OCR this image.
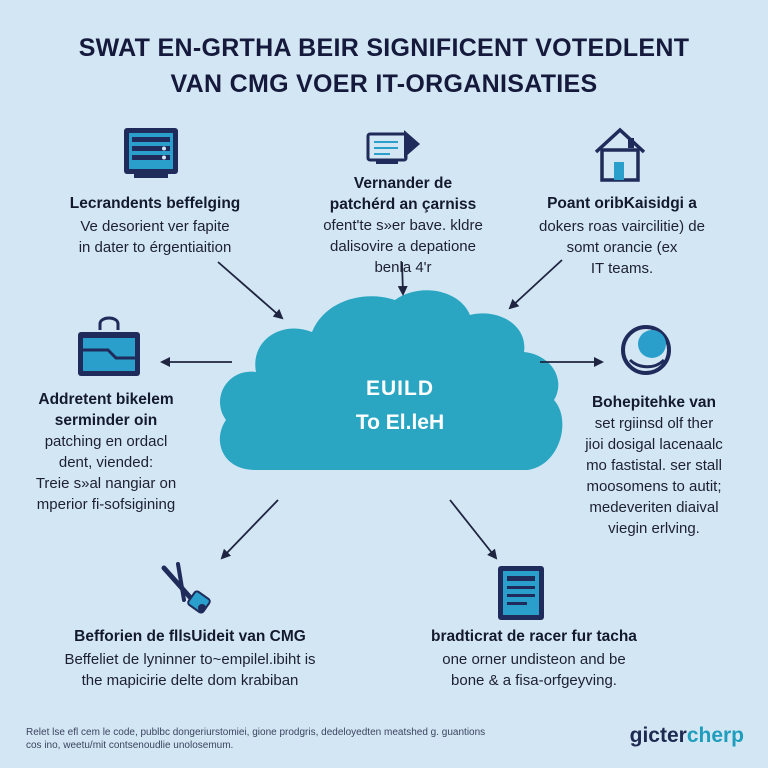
SWAT EN-GRTHA BEIR SIGNIFICENT VOTEDLENT
VAN CMG VOER IT-ORGANISATIES
EUILD
To El.leH
Lecrandents beffelging
Ve desorient ver fapite
in dater to érgentiaition
Vernander de
patchérd an çarniss
ofent'te s»er bave. kldre
dalisovire a depatione
benla 4'r
Poant oribKaisidgi a
dokers roas vaircilitie) de
somt orancie (ex
IT teams.
Addretent bikelem
serminder oin
patching en ordacl
dent, viended:
Treie s»al nangiar on
mperior fi-sofsigining
Bohepitehke van
set rgiinsd olf ther
jioi dosigal lacenaalc
mo fastistal. ser stall
moosomens to autit;
medeveriten diaival
viegin erlving.
Befforien de fllsUideit van CMG
Beffeliet de lyninner to~empilel.ibiht is
the mapicirie delte dom krabiban
bradticrat de racer fur tacha
one orner undisteon and be
bone & a fisa-orfgeyving.
Relet lse efl cem le code, publbc dongeriurstomiei, gione prodgris, dedeloyedten meatshed g. guantions
cos ino, weetu/mit contsenoudlie unolosemum.	gictercherp
